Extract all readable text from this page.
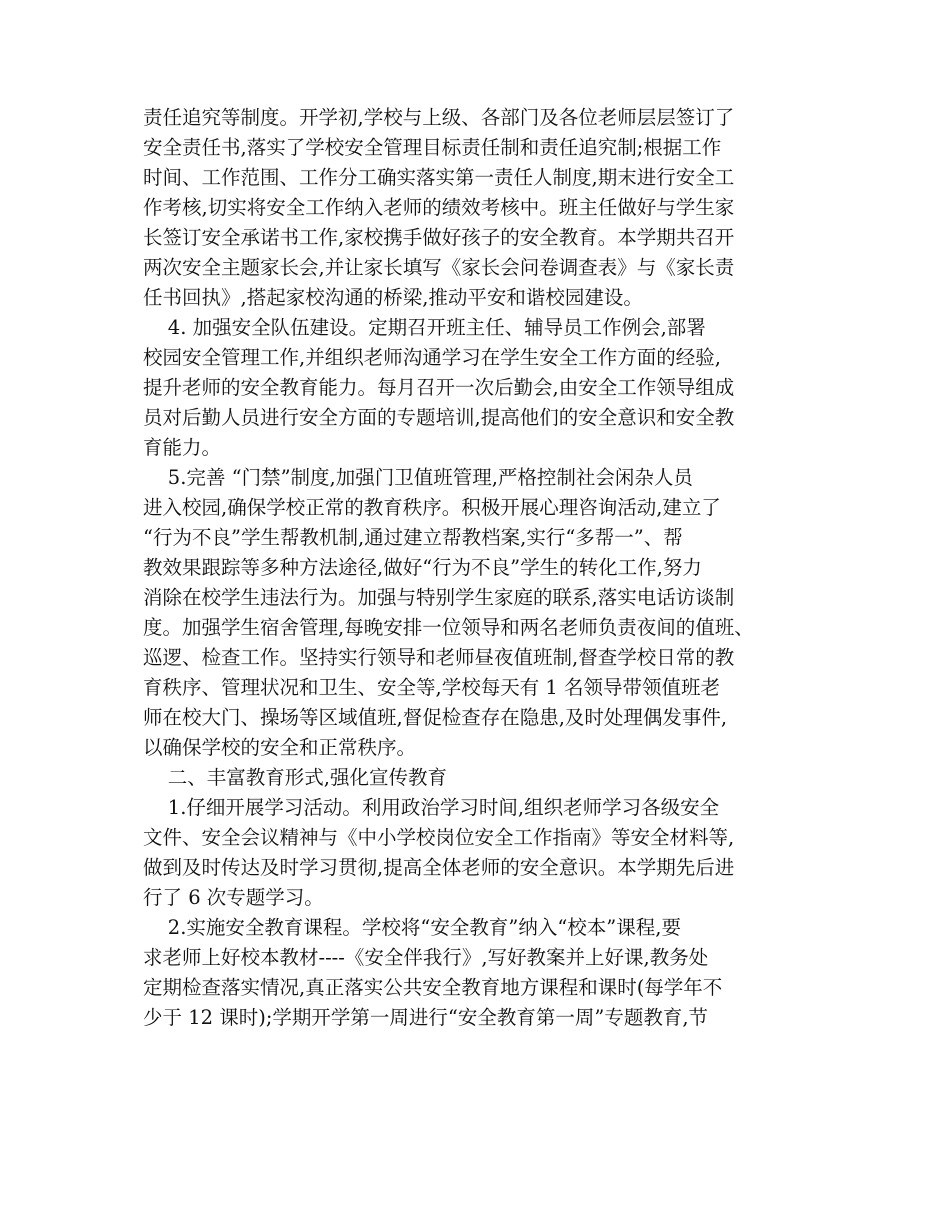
责任追究等制度。开学初,学校与上级、各部门及各位老师层层签订了

安全责任书,落实了学校安全管理目标责任制和责任追究制;根据工作

时间、工作范围、工作分工确实落实第一责任人制度,期末进行安全工

作考核,切实将安全工作纳入老师的绩效考核中。班主任做好与学生家

长签订安全承诺书工作,家校携手做好孩子的安全教育。本学期共召开

两次安全主题家长会,并让家长填写《家长会问卷调查表》与《家长责

任书回执》,搭起家校沟通的桥梁,推动平安和谐校园建设。

4. 加强安全队伍建设。定期召开班主任、辅导员工作例会,部署

校园安全管理工作,并组织老师沟通学习在学生安全工作方面的经验,

提升老师的安全教育能力。每月召开一次后勤会,由安全工作领导组成

员对后勤人员进行安全方面的专题培训,提高他们的安全意识和安全教

育能力。

5.完善 “门禁”制度,加强门卫值班管理,严格控制社会闲杂人员

进入校园,确保学校正常的教育秩序。积极开展心理咨询活动,建立了

“行为不良”学生帮教机制,通过建立帮教档案,实行“多帮一”、帮

教效果跟踪等多种方法途径,做好“行为不良”学生的转化工作,努力

消除在校学生违法行为。加强与特别学生家庭的联系,落实电话访谈制

度。加强学生宿舍管理,每晚安排一位领导和两名老师负责夜间的值班、

巡逻、检查工作。坚持实行领导和老师昼夜值班制,督查学校日常的教

育秩序、管理状况和卫生、安全等,学校每天有 1 名领导带领值班老

师在校大门、操场等区域值班,督促检查存在隐患,及时处理偶发事件,

以确保学校的安全和正常秩序。

二、丰富教育形式,强化宣传教育

1.仔细开展学习活动。利用政治学习时间,组织老师学习各级安全

文件、安全会议精神与《中小学校岗位安全工作指南》等安全材料等,

做到及时传达及时学习贯彻,提高全体老师的安全意识。本学期先后进

行了 6 次专题学习。

2.实施安全教育课程。学校将“安全教育”纳入“校本”课程,要

求老师上好校本教材----《安全伴我行》,写好教案并上好课,教务处

定期检查落实情况,真正落实公共安全教育地方课程和课时(每学年不

少于 12 课时);学期开学第一周进行“安全教育第一周”专题教育,节
